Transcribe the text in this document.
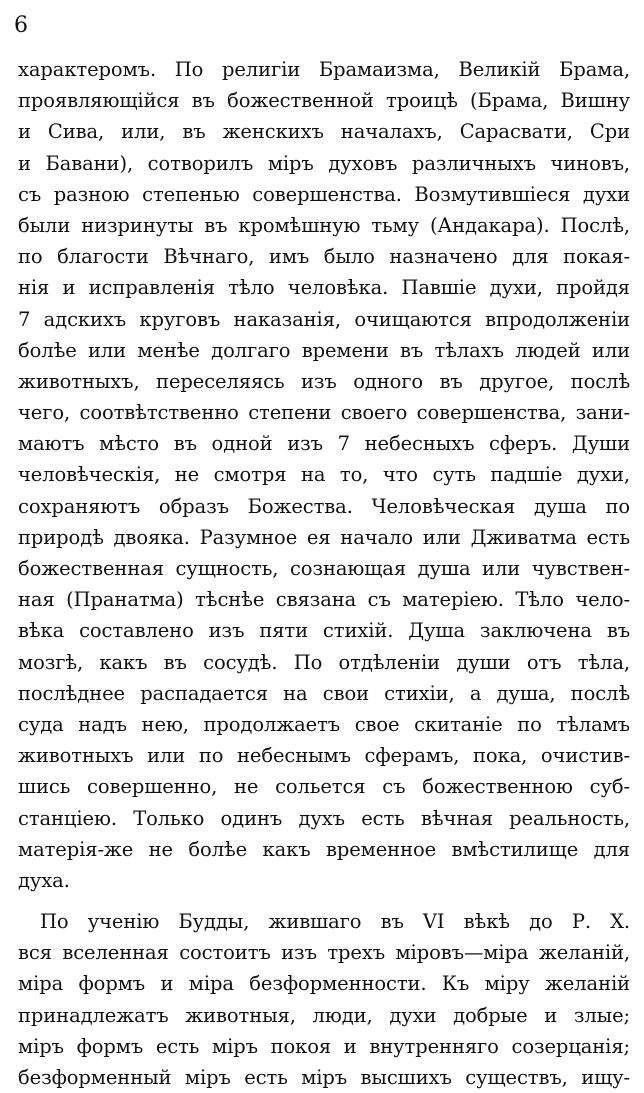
6
характеромъ. По религіи Брамаизма, Великій Брама,
проявляющійся въ божественной троицѣ (Брама, Вишну
и Сива, или, въ женскихъ началахъ, Сарасвати, Сри
и Бавани), сотворилъ міръ духовъ различныхъ чиновъ,
съ разною степенью совершенства. Возмутившіеся духи
были низринуты въ кромѣшную тьму (Андакара). Послѣ,
по благости Вѣчнаго, имъ было назначено для покая-
нія и исправленія тѣло человѣка. Павшіе духи, пройдя
7 адскихъ круговъ наказанія, очищаются впродолженіи
болѣе или менѣе долгаго времени въ тѣлахъ людей или
животныхъ, переселяясь изъ одного въ другое, послѣ
чего, соотвѣтственно степени своего совершенства, зани-
маютъ мѣсто въ одной изъ 7 небесныхъ сферъ. Души
человѣческія, не смотря на то, что суть падшіе духи,
сохраняютъ образъ Божества. Человѣческая душа по
природѣ двояка. Разумное ея начало или Дживатма есть
божественная сущность, сознающая душа или чувствен-
ная (Пранатма) тѣснѣе связана съ матеріею. Тѣло чело-
вѣка составлено изъ пяти стихій. Душа заключена въ
мозгѣ, какъ въ сосудѣ. По отдѣленіи души отъ тѣла,
послѣднее распадается на свои стихіи, а душа, послѣ
суда надъ нею, продолжаетъ свое скитаніе по тѣламъ
животныхъ или по небеснымъ сферамъ, пока, очистив-
шись совершенно, не сольется съ божественною суб-
станціею. Только одинъ духъ есть вѣчная реальность,
матерія-же не болѣе какъ временное вмѣстилище для
духа.
По ученію Будды, жившаго въ VI вѣкѣ до Р. Х.
вся вселенная состоитъ изъ трехъ міровъ—міра желаній,
міра формъ и міра безформенности. Къ міру желаній
принадлежатъ животныя, люди, духи добрые и злые;
міръ формъ есть міръ покоя и внутренняго созерцанія;
безформенный міръ есть міръ высшихъ существъ, ищу-
